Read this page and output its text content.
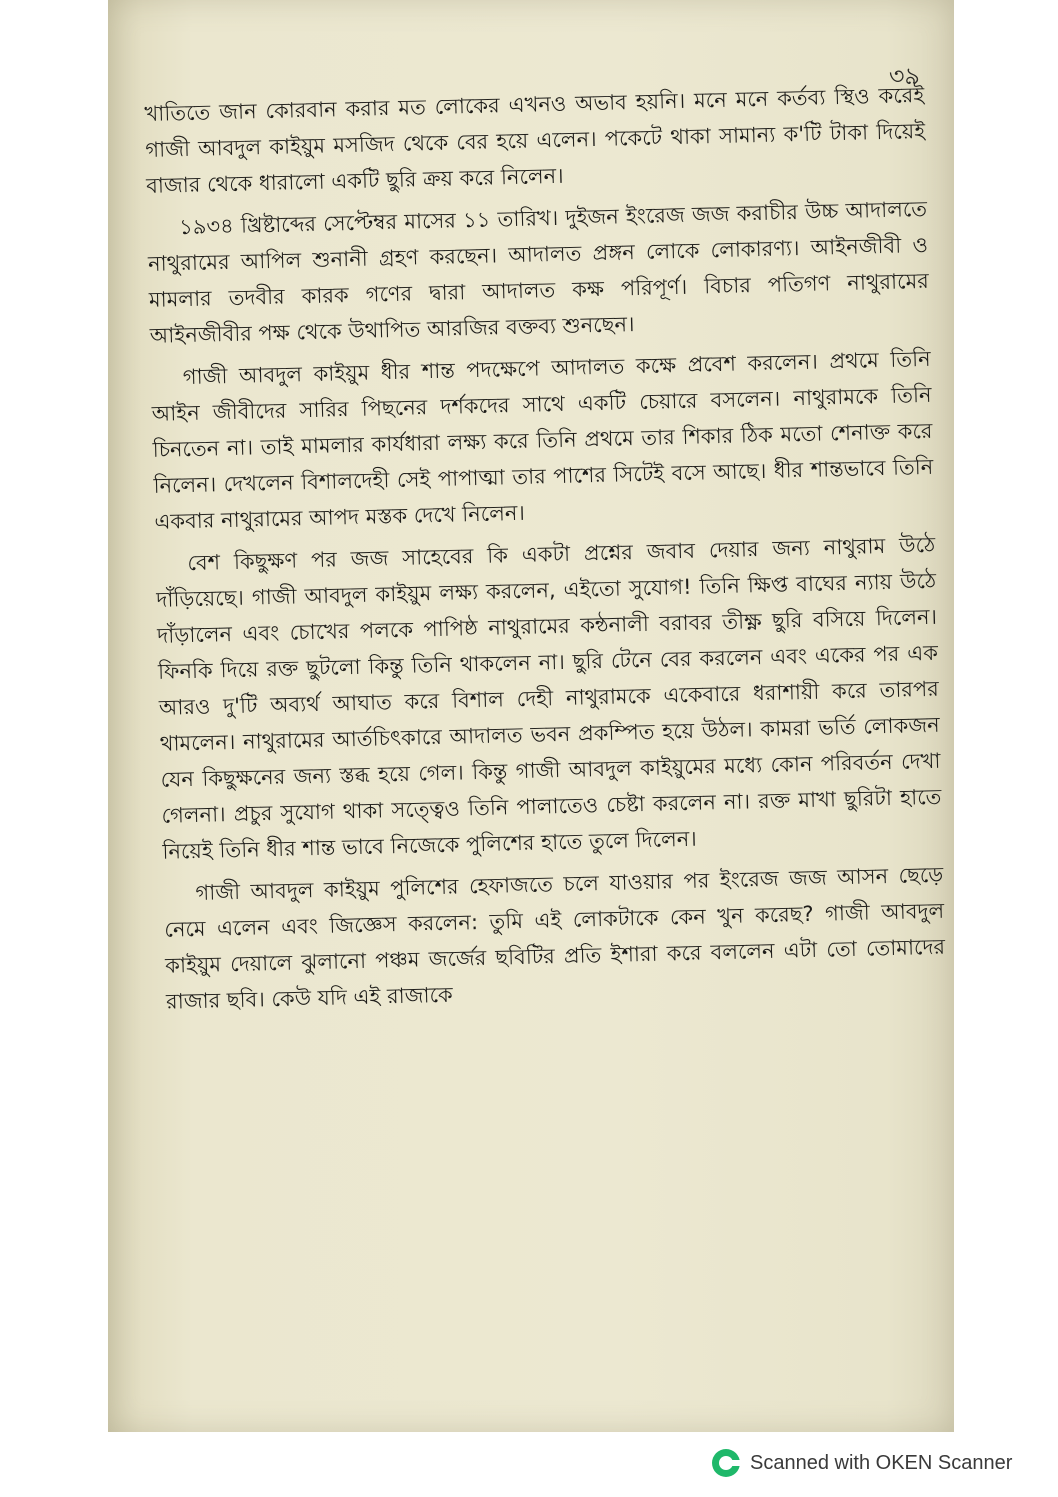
৩৯

খাতিতে জান কোরবান করার মত লোকের এখনও অভাব হয়নি। মনে মনে কর্তব্য স্থিও করেই গাজী আবদুল কাইয়ুম মসজিদ থেকে বের হয়ে এলেন। পকেটে থাকা সামান্য ক'টি টাকা দিয়েই বাজার থেকে ধারালো একটি ছুরি ক্রয় করে নিলেন।

১৯৩৪ খ্রিষ্টাব্দের সেপ্টেম্বর মাসের ১১ তারিখ। দুইজন ইংরেজ জজ করাচীর উচ্চ আদালতে নাথুরামের আপিল শুনানী গ্রহণ করছেন। আদালত প্রঙ্গন লোকে লোকারণ্য। আইনজীবী ও মামলার তদবীর কারক গণের দ্বারা আদালত কক্ষ পরিপূর্ণ। বিচার পতিগণ নাথুরামের আইনজীবীর পক্ষ থেকে উথাপিত আরজির বক্তব্য শুনছেন।

গাজী আবদুল কাইয়ুম ধীর শান্ত পদক্ষেপে আদালত কক্ষে প্রবেশ করলেন। প্রথমে তিনি আইন জীবীদের সারির পিছনের দর্শকদের সাথে একটি চেয়ারে বসলেন। নাথুরামকে তিনি চিনতেন না। তাই মামলার কার্যধারা লক্ষ্য করে তিনি প্রথমে তার শিকার ঠিক মতো শেনাক্ত করে নিলেন। দেখলেন বিশালদেহী সেই পাপাত্মা তার পাশের সিটেই বসে আছে। ধীর শান্তভাবে তিনি একবার নাথুরামের আপদ মস্তক দেখে নিলেন।

বেশ কিছুক্ষণ পর জজ সাহেবের কি একটা প্রশ্নের জবাব দেয়ার জন্য নাথুরাম উঠে দাঁড়িয়েছে। গাজী আবদুল কাইয়ুম লক্ষ্য করলেন, এইতো সুযোগ! তিনি ক্ষিপ্ত বাঘের ন্যায় উঠে দাঁড়ালেন এবং চোখের পলকে পাপিষ্ঠ নাথুরামের কন্ঠনালী বরাবর তীক্ষ্ণ ছুরি বসিয়ে দিলেন। ফিনকি দিয়ে রক্ত ছুটলো কিন্তু তিনি থাকলেন না। ছুরি টেনে বের করলেন এবং একের পর এক আরও দু'টি অব্যর্থ আঘাত করে বিশাল দেহী নাথুরামকে একেবারে ধরাশায়ী করে তারপর থামলেন। নাথুরামের আর্তচিৎকারে আদালত ভবন প্রকম্পিত হয়ে উঠল। কামরা ভর্তি লোকজন যেন কিছুক্ষনের জন্য স্তব্ধ হয়ে গেল। কিন্তু গাজী আবদুল কাইয়ুমের মধ্যে কোন পরিবর্তন দেখা গেলনা। প্রচুর সুযোগ থাকা সত্ত্বেও তিনি পালাতেও চেষ্টা করলেন না। রক্ত মাখা ছুরিটা হাতে নিয়েই তিনি ধীর শান্ত ভাবে নিজেকে পুলিশের হাতে তুলে দিলেন।

গাজী আবদুল কাইয়ুম পুলিশের হেফাজতে চলে যাওয়ার পর ইংরেজ জজ আসন ছেড়ে নেমে এলেন এবং জিজ্ঞেস করলেন: তুমি এই লোকটাকে কেন খুন করেছ? গাজী আবদুল কাইয়ুম দেয়ালে ঝুলানো পঞ্চম জর্জের ছবিটির প্রতি ইশারা করে বললেন এটা তো তোমাদের রাজার ছবি। কেউ যদি এই রাজাকে

Scanned with OKEN Scanner
